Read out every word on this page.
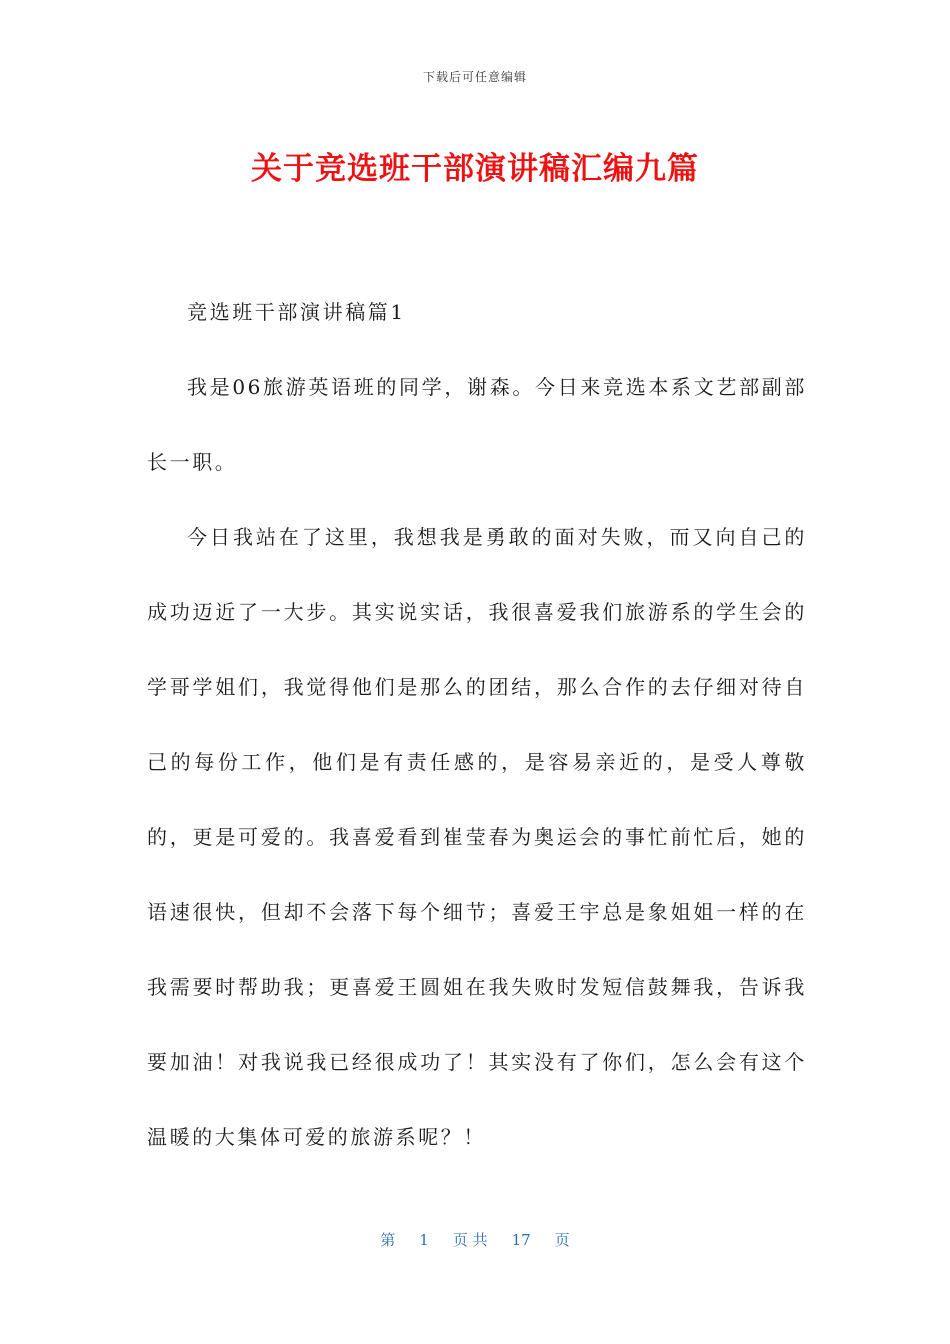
下载后可任意编辑
关于竞选班干部演讲稿汇编九篇

竞选班干部演讲稿篇1

我是06旅游英语班的同学，谢森。今日来竞选本系文艺部副部长一职。

今日我站在了这里，我想我是勇敢的面对失败，而又向自己的成功迈近了一大步。其实说实话，我很喜爱我们旅游系的学生会的学哥学姐们，我觉得他们是那么的团结，那么合作的去仔细对待自己的每份工作，他们是有责任感的，是容易亲近的，是受人尊敬的，更是可爱的。我喜爱看到崔莹春为奥运会的事忙前忙后，她的语速很快，但却不会落下每个细节；喜爱王宇总是象姐姐一样的在我需要时帮助我；更喜爱王圆姐在我失败时发短信鼓舞我，告诉我要加油！对我说我已经很成功了！其实没有了你们，怎么会有这个温暖的大集体可爱的旅游系呢？！

第 1 页 共 17 页
